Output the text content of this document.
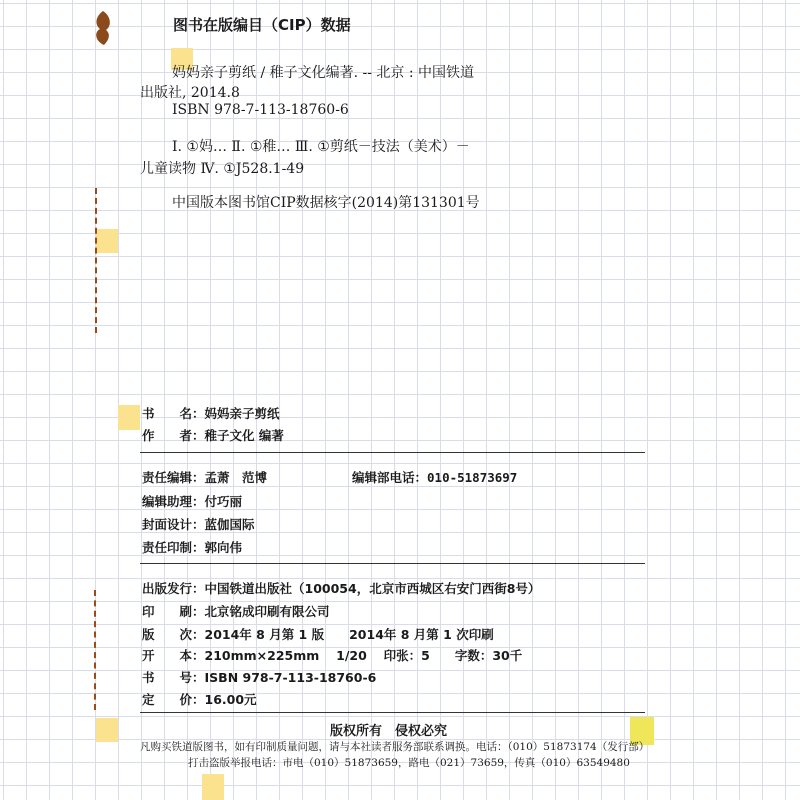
图书在版编目（CIP）数据
妈妈亲子剪纸 / 稚子文化编著. -- 北京 : 中国铁道
出版社, 2014.8
ISBN 978-7-113-18760-6
Ⅰ. ①妈… Ⅱ. ①稚… Ⅲ. ①剪纸－技法（美术）－
儿童读物 Ⅳ. ①J528.1-49
中国版本图书馆CIP数据核字(2014)第131301号
书　　名：妈妈亲子剪纸
作　　者：稚子文化 编著
责任编辑：孟萧　范博	编辑部电话：010-51873697
编辑助理：付巧丽
封面设计：蓝伽国际
责任印制：郭向伟
出版发行：中国铁道出版社（100054，北京市西城区右安门西街8号）
印　　刷：北京铭成印刷有限公司
版　　次：2014年 8 月第 1 版　　2014年 8 月第 1 次印刷
开　　本：210mm×225mm　 1/20　 印张：5　　字数：30千
书　　号：ISBN 978-7-113-18760-6
定　　价：16.00元
版权所有　侵权必究
凡购买铁道版图书，如有印制质量问题，请与本社读者服务部联系调换。电话：（010）51873174（发行部）
打击盗版举报电话：市电（010）51873659，路电（021）73659，传真（010）63549480
